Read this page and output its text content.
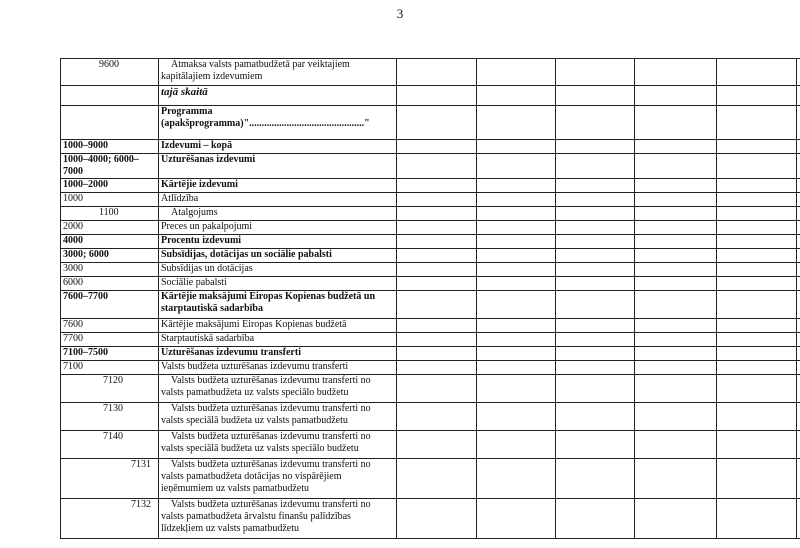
3
9600	Atmaksa valsts pamatbudžetā par veiktajiem kapitālajiem izdevumiem						
	tajā skaitā						
	Programma (apakšprogramma)".............................................."						
1000–9000	Izdevumi – kopā						
1000–4000; 6000–7000	Uzturēšanas izdevumi						
1000–2000	Kārtējie izdevumi						
1000	Atlīdzība						
1100	Atalgojums						
2000	Preces un pakalpojumi						
4000	Procentu izdevumi						
3000; 6000	Subsīdijas, dotācijas un sociālie pabalsti						
3000	Subsīdijas un dotācijas						
6000	Sociālie pabalsti						
7600–7700	Kārtējie maksājumi Eiropas Kopienas budžetā un starptautiskā sadarbība						
7600	Kārtējie maksājumi Eiropas Kopienas budžetā						
7700	Starptautiskā sadarbība						
7100–7500	Uzturēšanas izdevumu transferti						
7100	Valsts budžeta uzturēšanas izdevumu transferti						
7120	Valsts budžeta uzturēšanas izdevumu transferti no valsts pamatbudžeta uz valsts speciālo budžetu						
7130	Valsts budžeta uzturēšanas izdevumu transferti no valsts speciālā budžeta uz valsts pamatbudžetu						
7140	Valsts budžeta uzturēšanas izdevumu transferti no valsts speciālā budžeta uz valsts speciālo budžetu						
7131	Valsts budžeta uzturēšanas izdevumu transferti no valsts pamatbudžeta dotācijas no vispārējiem ieņēmumiem uz valsts pamatbudžetu						
7132	Valsts budžeta uzturēšanas izdevumu transferti no valsts pamatbudžeta ārvalstu finanšu palīdzības līdzekļiem uz valsts pamatbudžetu						
